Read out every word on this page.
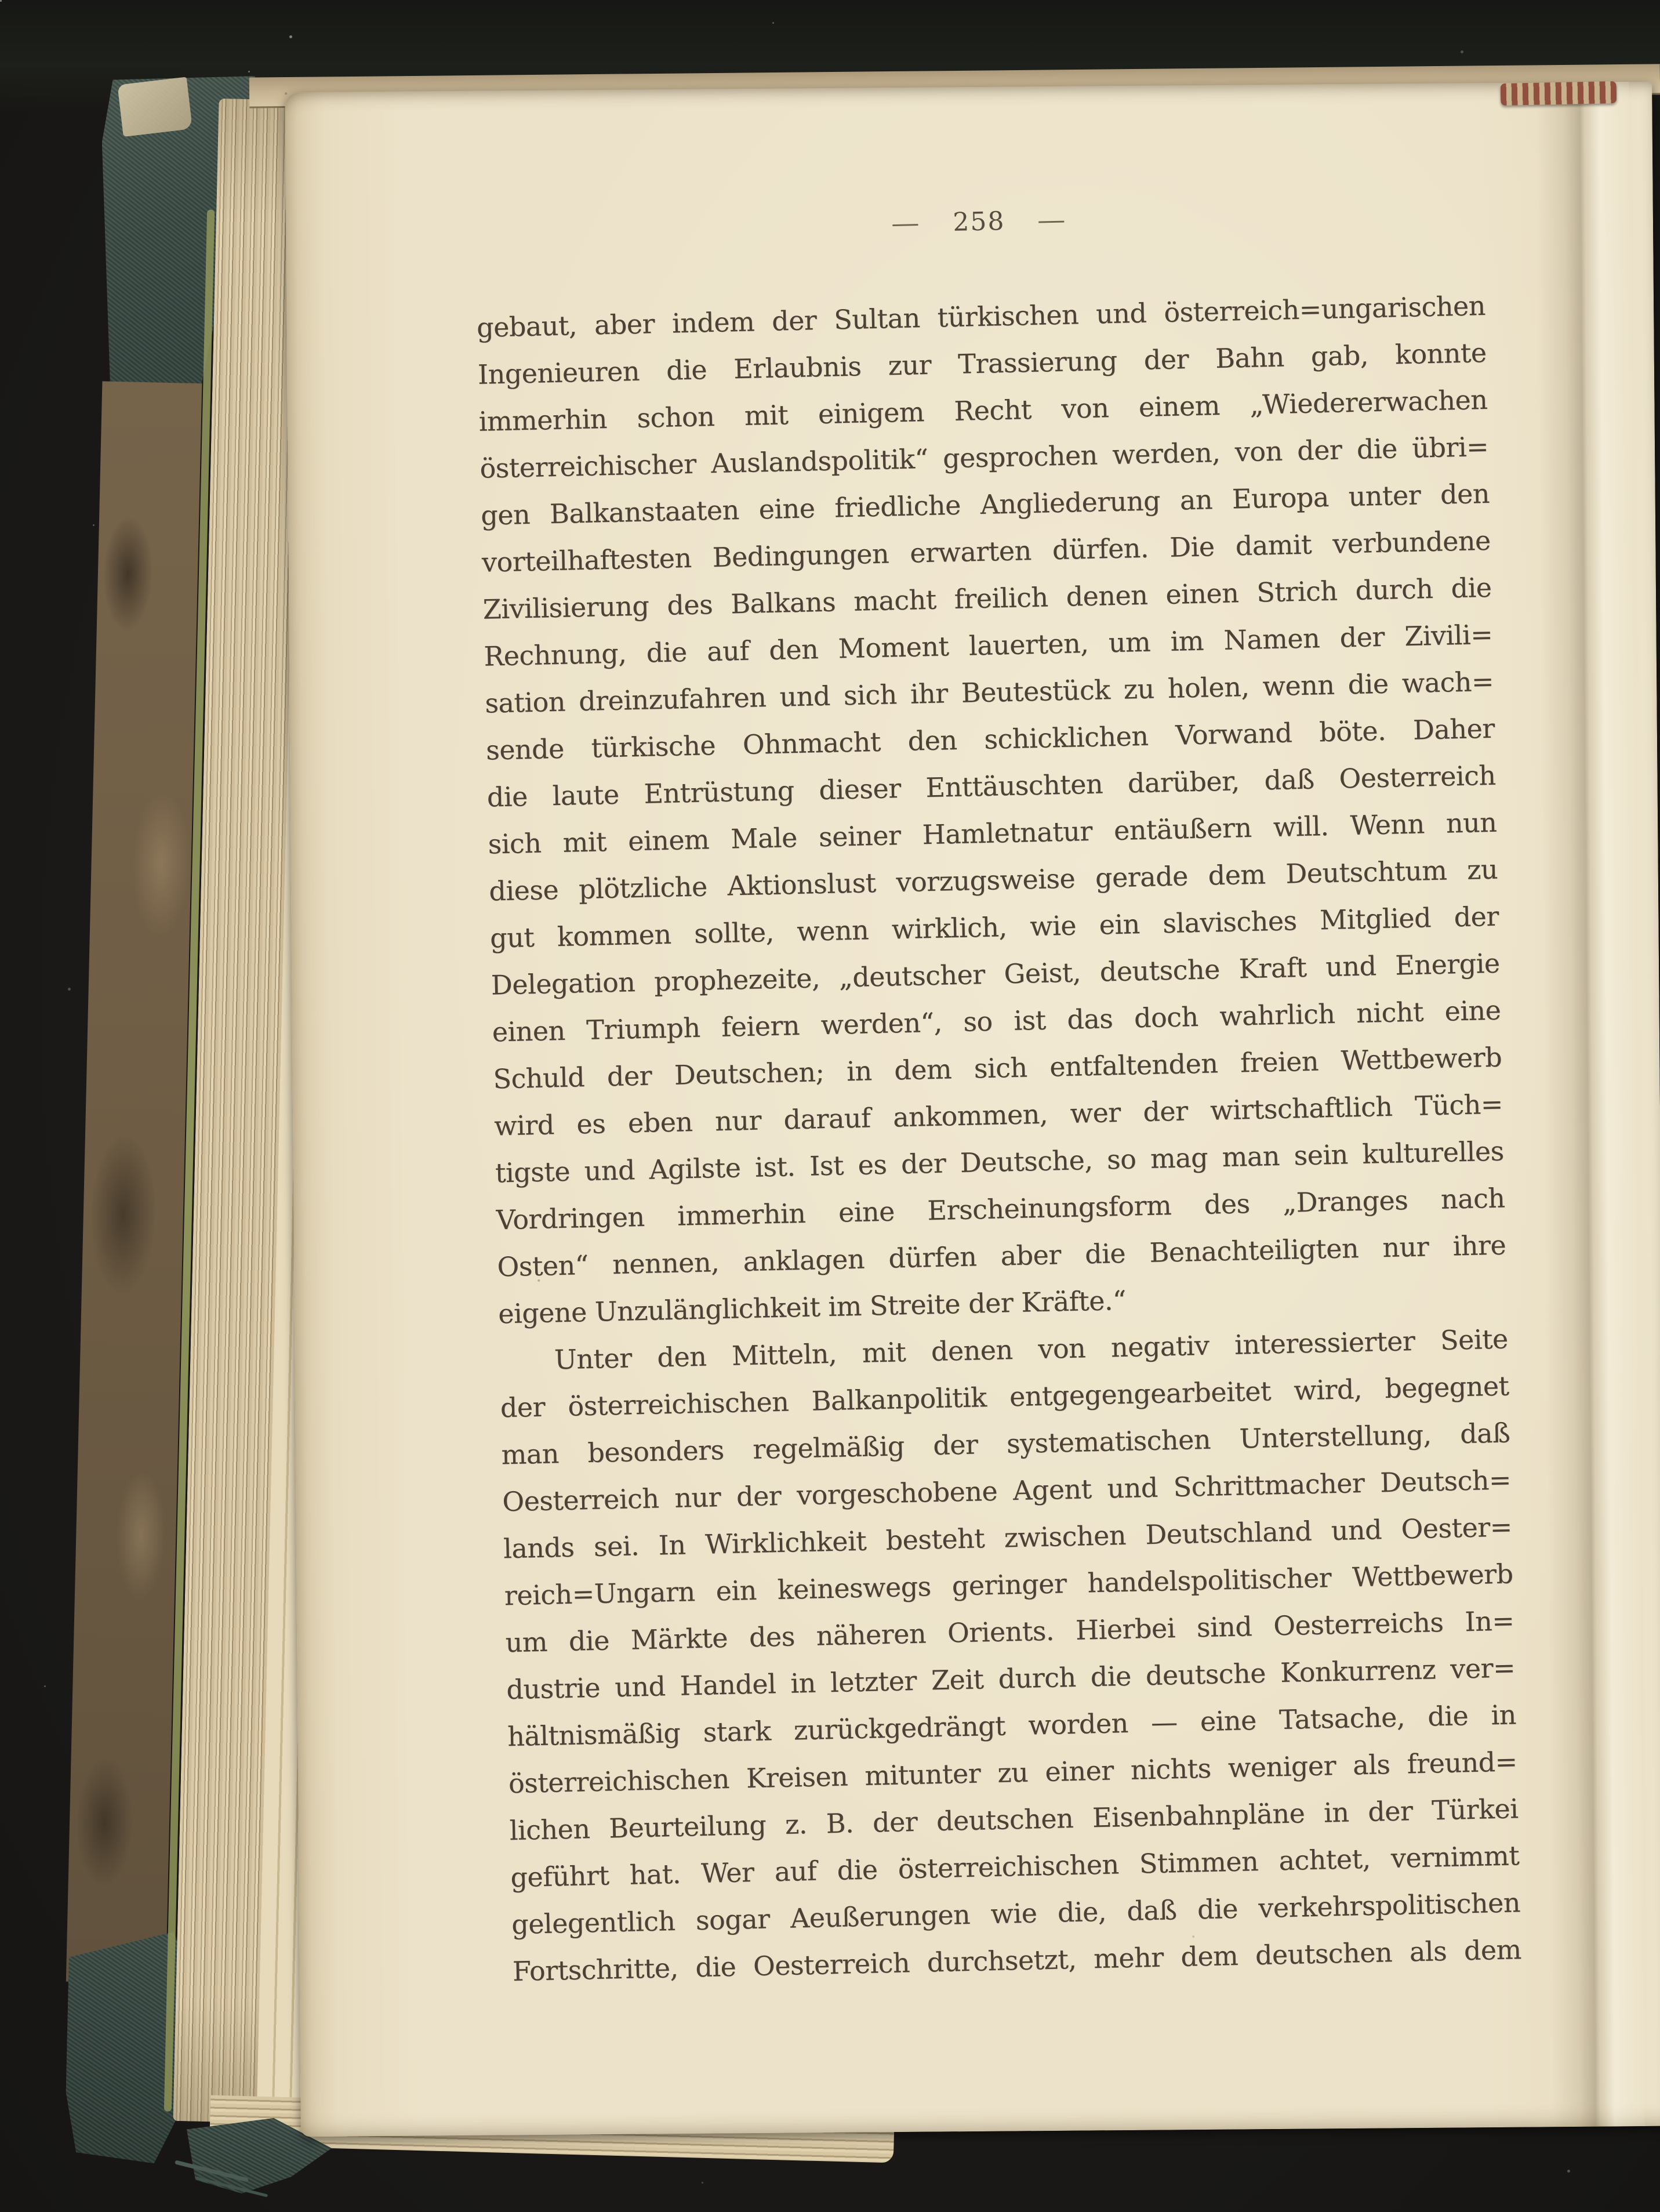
— 258 —
gebaut, aber indem der Sultan türkischen und österreich=ungarischen
Ingenieuren die Erlaubnis zur Trassierung der Bahn gab, konnte
immerhin schon mit einigem Recht von einem „Wiedererwachen
österreichischer Auslandspolitik“ gesprochen werden, von der die übri=
gen Balkanstaaten eine friedliche Angliederung an Europa unter den
vorteilhaftesten Bedingungen erwarten dürfen. Die damit verbundene
Zivilisierung des Balkans macht freilich denen einen Strich durch die
Rechnung, die auf den Moment lauerten, um im Namen der Zivili=
sation dreinzufahren und sich ihr Beutestück zu holen, wenn die wach=
sende türkische Ohnmacht den schicklichen Vorwand böte. Daher
die laute Entrüstung dieser Enttäuschten darüber, daß Oesterreich
sich mit einem Male seiner Hamletnatur entäußern will. Wenn nun
diese plötzliche Aktionslust vorzugsweise gerade dem Deutschtum zu
gut kommen sollte, wenn wirklich, wie ein slavisches Mitglied der
Delegation prophezeite, „deutscher Geist, deutsche Kraft und Energie
einen Triumph feiern werden“, so ist das doch wahrlich nicht eine
Schuld der Deutschen; in dem sich entfaltenden freien Wettbewerb
wird es eben nur darauf ankommen, wer der wirtschaftlich Tüch=
tigste und Agilste ist. Ist es der Deutsche, so mag man sein kulturelles
Vordringen immerhin eine Erscheinungsform des „Dranges nach
Osten“ nennen, anklagen dürfen aber die Benachteiligten nur ihre
eigene Unzulänglichkeit im Streite der Kräfte.“
Unter den Mitteln, mit denen von negativ interessierter Seite
der österreichischen Balkanpolitik entgegengearbeitet wird, begegnet
man besonders regelmäßig der systematischen Unterstellung, daß
Oesterreich nur der vorgeschobene Agent und Schrittmacher Deutsch=
lands sei. In Wirklichkeit besteht zwischen Deutschland und Oester=
reich=Ungarn ein keineswegs geringer handelspolitischer Wettbewerb
um die Märkte des näheren Orients. Hierbei sind Oesterreichs In=
dustrie und Handel in letzter Zeit durch die deutsche Konkurrenz ver=
hältnismäßig stark zurückgedrängt worden — eine Tatsache, die in
österreichischen Kreisen mitunter zu einer nichts weniger als freund=
lichen Beurteilung z. B. der deutschen Eisenbahnpläne in der Türkei
geführt hat. Wer auf die österreichischen Stimmen achtet, vernimmt
gelegentlich sogar Aeußerungen wie die, daß die verkehrspolitischen
Fortschritte, die Oesterreich durchsetzt, mehr dem deutschen als dem
